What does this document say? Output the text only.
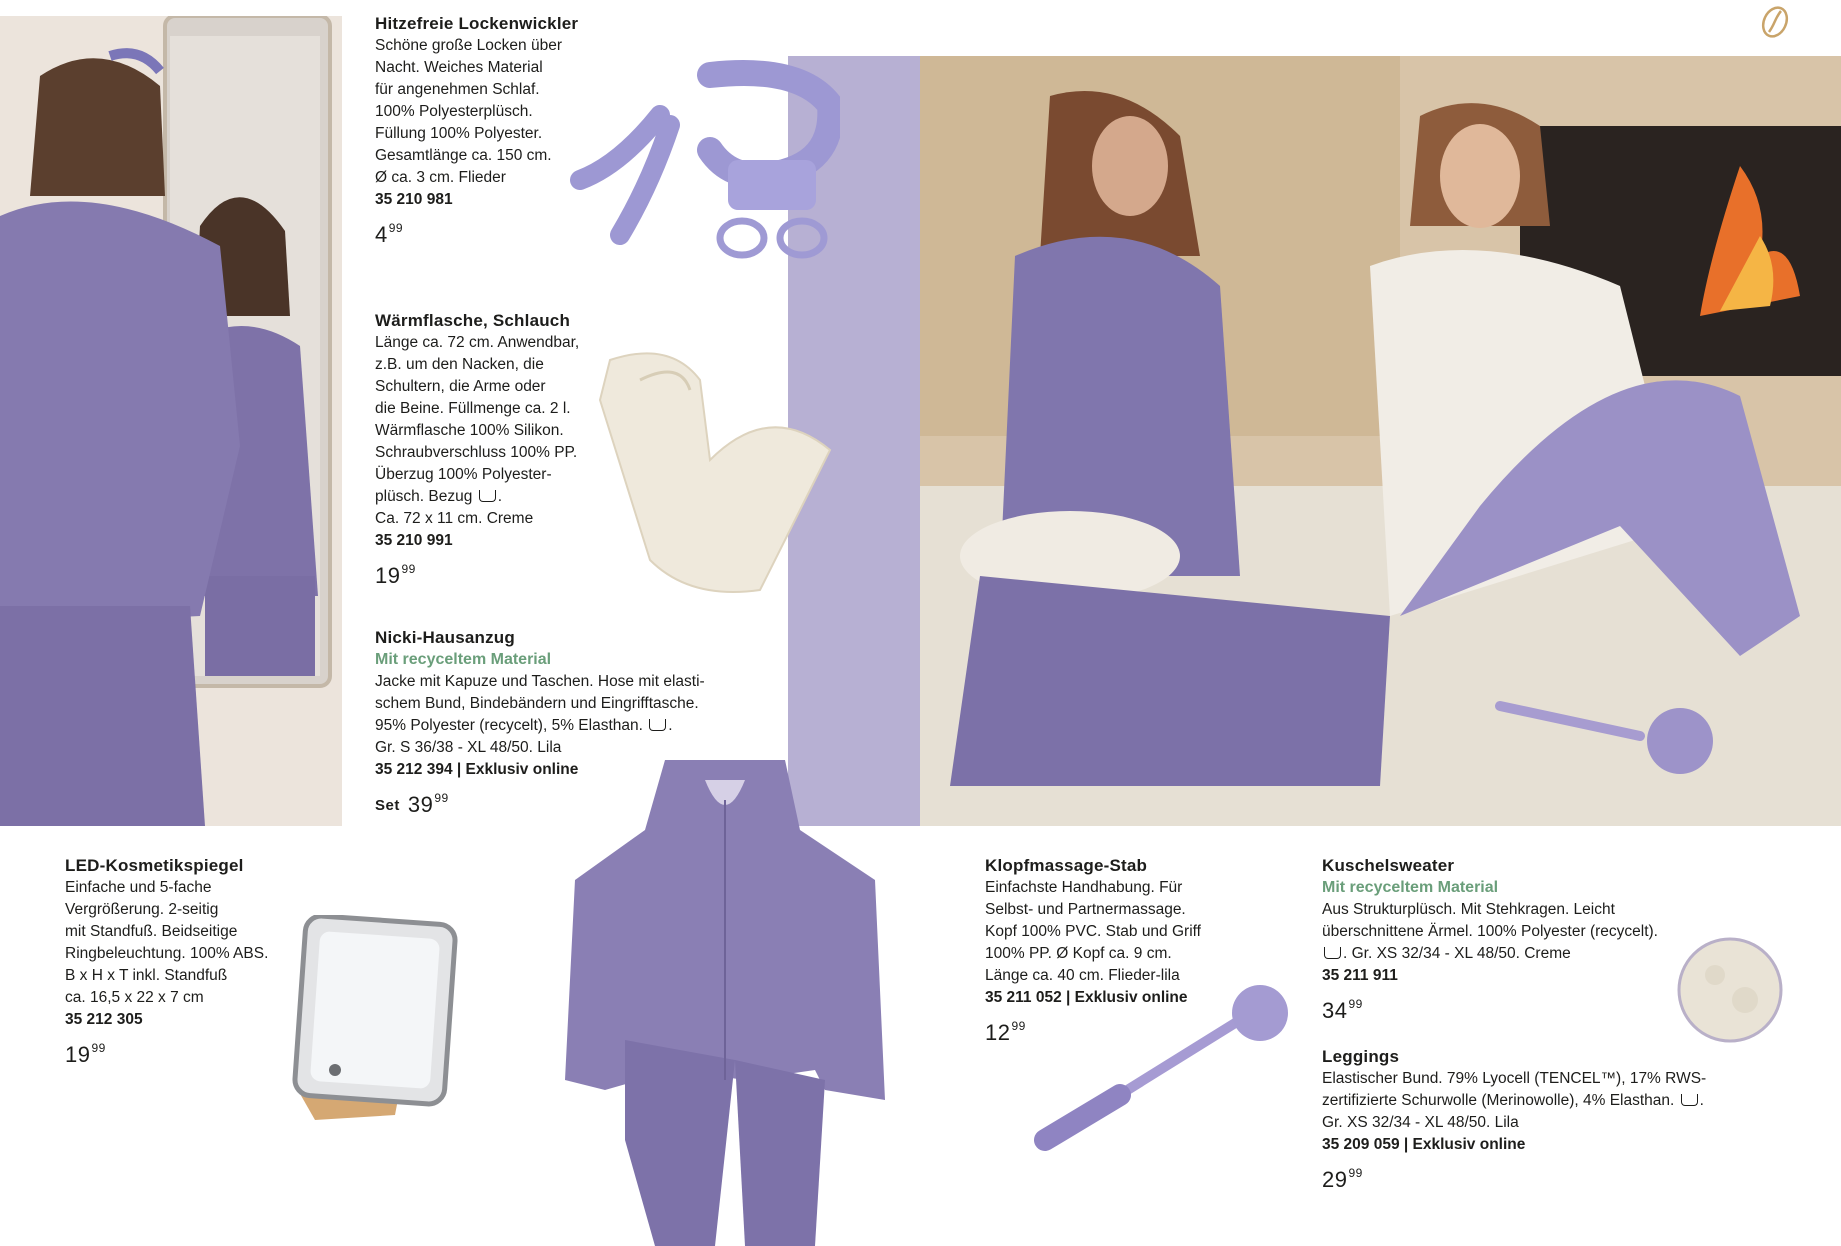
Hitzefreie Lockenwickler
Schöne große Locken über
Nacht. Weiches Material
für angenehmen Schlaf.
100% Polyesterplüsch.
Füllung 100% Polyester.
Gesamtlänge ca. 150 cm.
Ø ca. 3 cm. Flieder
35 210 981
$4^{99}$
Wärmflasche, Schlauch
Länge ca. 72 cm. Anwendbar,
z.B. um den Nacken, die
Schultern, die Arme oder
die Beine. Füllmenge ca. 2 l.
Wärmflasche 100% Silikon.
Schraubverschluss 100% PP.
Überzug 100% Polyester-
plüsch. Bezug .
Ca. 72 x 11 cm. Creme
35 210 991
$19^{99}$
Nicki-Hausanzug
Mit recyceltem Material
Jacke mit Kapuze und Taschen. Hose mit elasti-
schem Bund, Bindebändern und Eingrifftasche.
95% Polyester (recycelt), 5% Elasthan. .
Gr. S 36/38 - XL 48/50. Lila
35 212 394 | Exklusiv online
Set $39^{99}$
LED-Kosmetikspiegel
Einfache und 5-fache
Vergrößerung. 2-seitig
mit Standfuß. Beidseitige
Ringbeleuchtung. 100% ABS.
B x H x T inkl. Standfuß
ca. 16,5 x 22 x 7 cm
35 212 305
$19^{99}$
Klopfmassage-Stab
Einfachste Handhabung. Für
Selbst- und Partnermassage.
Kopf 100% PVC. Stab und Griff
100% PP. Ø Kopf ca. 9 cm.
Länge ca. 40 cm. Flieder-lila
35 211 052 | Exklusiv online
$12^{99}$
Kuschelsweater
Mit recyceltem Material
Aus Strukturplüsch. Mit Stehkragen. Leicht
überschnittene Ärmel. 100% Polyester (recycelt).
. Gr. XS 32/34 - XL 48/50. Creme
35 211 911
$34^{99}$
Leggings
Elastischer Bund. 79% Lyocell (TENCEL™), 17% RWS-
zertifizierte Schurwolle (Merinowolle), 4% Elasthan. .
Gr. XS 32/34 - XL 48/50. Lila
35 209 059 | Exklusiv online
$29^{99}$
